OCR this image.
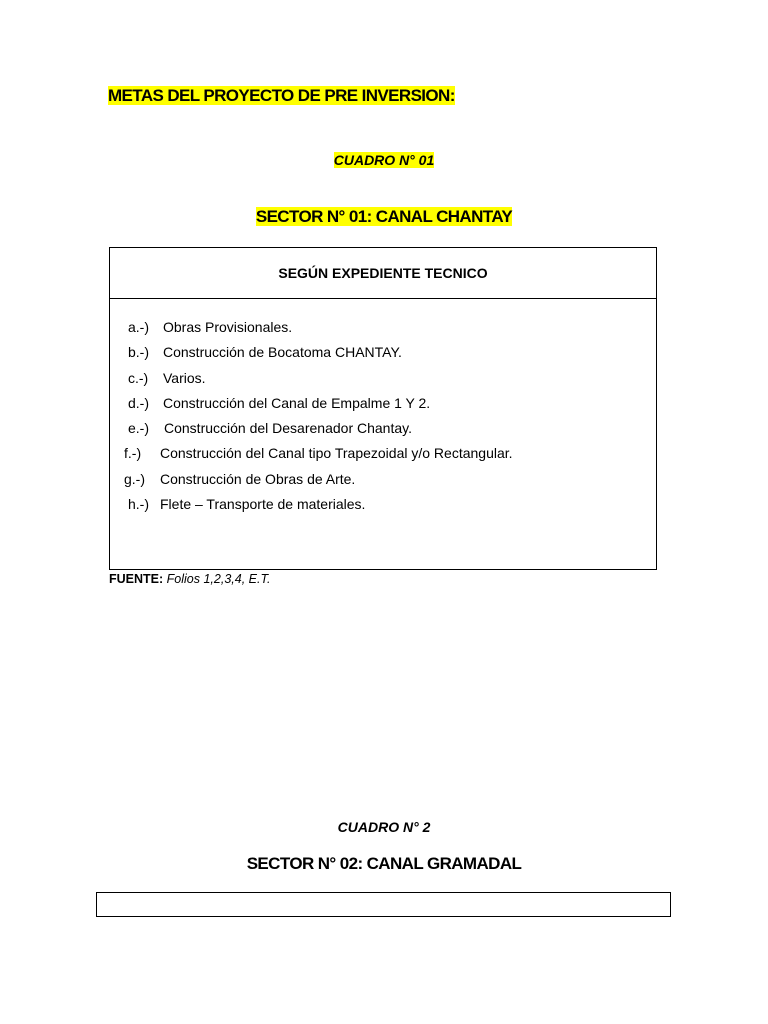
METAS DEL PROYECTO DE PRE INVERSION:
CUADRO N° 01
SECTOR N° 01: CANAL CHANTAY
SEGÚN EXPEDIENTE TECNICO
a.-) Obras Provisionales.
b.-) Construcción de Bocatoma CHANTAY.
c.-) Varios.
d.-) Construcción del Canal de Empalme 1 Y 2.
e.-) Construcción del Desarenador Chantay.
f.-) Construcción del Canal tipo Trapezoidal y/o Rectangular.
g.-) Construcción de Obras de Arte.
h.-) Flete – Transporte de materiales.
FUENTE: Folios 1,2,3,4, E.T.
CUADRO N° 2
SECTOR N° 02: CANAL GRAMADAL
